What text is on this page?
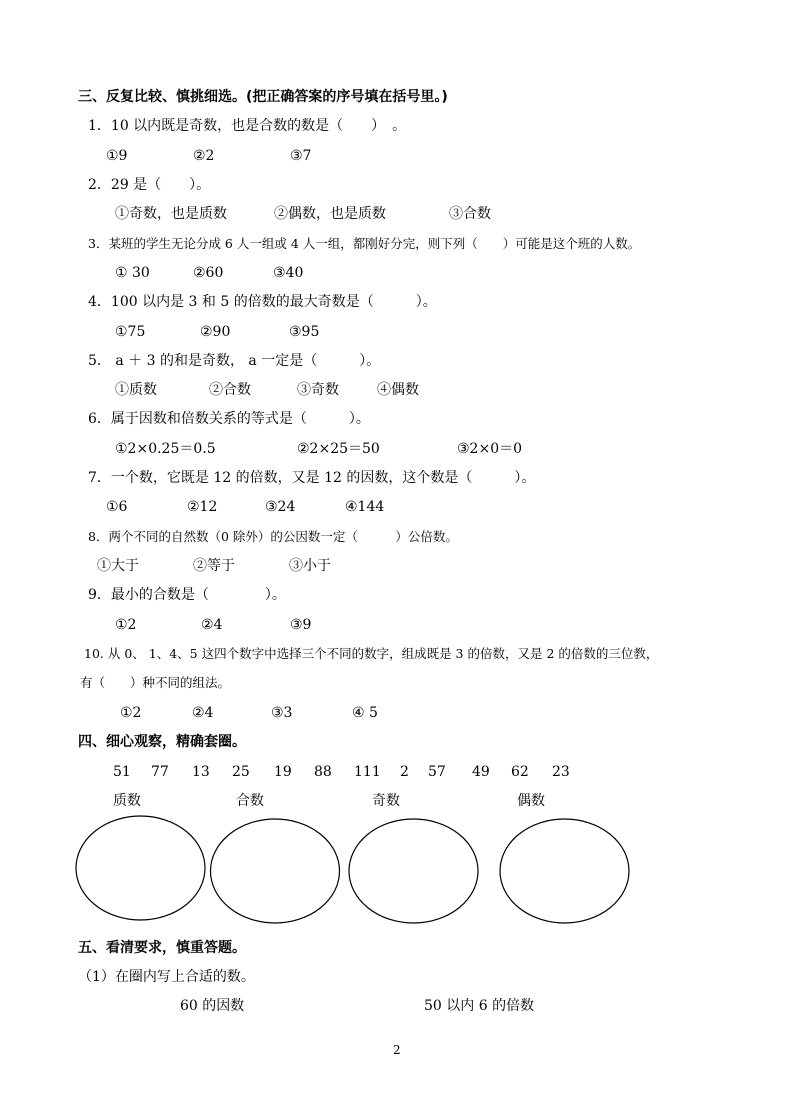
三、反复比较、慎挑细选。(把正确答案的序号填在括号里。)
1．10 以内既是奇数，也是合数的数是（　　）　。
①9	②2	③7
2．29 是（　　）。
①奇数，也是质数	②偶数，也是质数	③合数
3．某班的学生无论分成 6 人一组或 4 人一组，都刚好分完，则下列（　　）可能是这个班的人数。
① 30	②60	③40
4．100 以内是 3 和 5 的倍数的最大奇数是（　　　）。
①75	②90	③95
5． a ＋ 3 的和是奇数， a 一定是（　　　）。
①质数	②合数	③奇数	④偶数
6．属于因数和倍数关系的等式是（　　　）。
①2×0.25＝0.5	②2×25＝50	③2×0＝0
7．一个数，它既是 12 的倍数，又是 12 的因数，这个数是（　　　）。
①6	②12	③24	④144
8．两个不同的自然数（0 除外）的公因数一定（　　　）公倍数。
①大于	②等于	③小于
9．最小的合数是（　　　　）。
①2	②4	③9
10. 从 0、 1、4、5 这四个数字中选择三个不同的数字，组成既是 3 的倍数，又是 2 的倍数的三位教，
有（　　）种不同的组法。
①2	②4	③3	④ 5
四、细心观察，精确套圈。
51 77 13 25 19 88 111 2 57 49 62 23
质数	合数	奇数	偶数
五、看清要求，慎重答题。
（1）在圈内写上合适的数。
60 的因数	50 以内 6 的倍数
2
